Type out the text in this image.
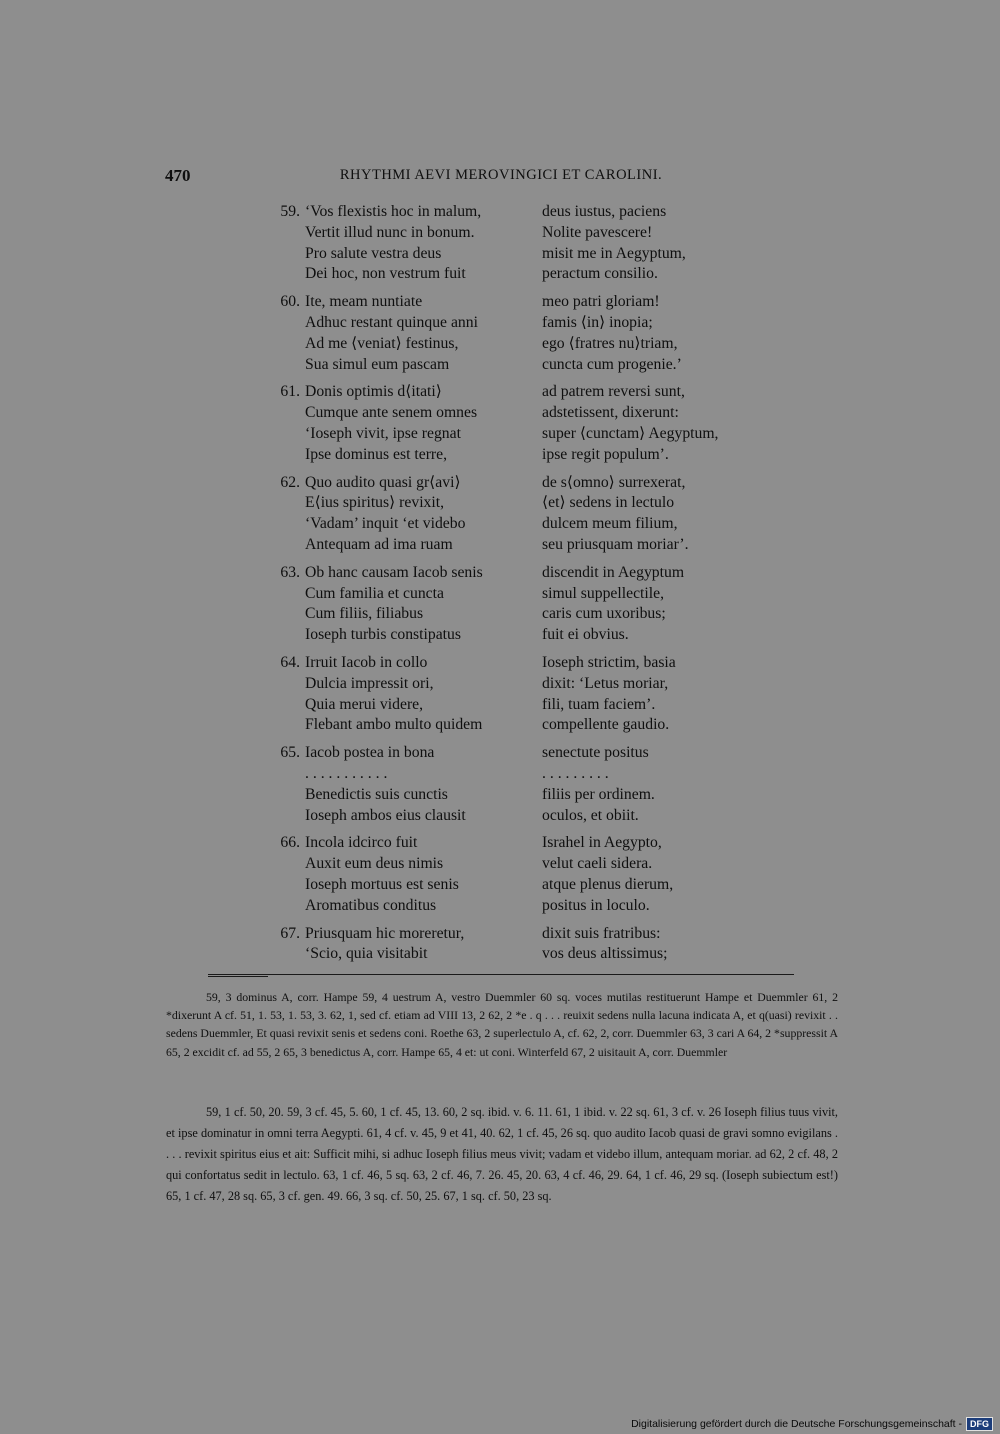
470	RHYTHMI AEVI MEROVINGICI ET CAROLINI.
59. ‘Vos flexistis hoc in malum,	deus iustus, paciens
Vertit illud nunc in bonum.	Nolite pavescere!
Pro salute vestra deus	misit me in Aegyptum,
Dei hoc, non vestrum fuit	peractum consilio.
60. Ite, meam nuntiate	meo patri gloriam!
Adhuc restant quinque anni	famis ⟨in⟩ inopia;
Ad me ⟨veniat⟩ festinus,	ego ⟨fratres nu⟩triam,
Sua simul eum pascam	cuncta cum progenie.’
61. Donis optimis d⟨itati⟩	ad patrem reversi sunt,
Cumque ante senem omnes	adstetissent, dixerunt:
‘Ioseph vivit, ipse regnat	super ⟨cunctam⟩ Aegyptum,
Ipse dominus est terre,	ipse regit populum’.
62. Quo audito quasi gr⟨avi⟩	de s⟨omno⟩ surrexerat,
E⟨ius spiritus⟩ revixit,	⟨et⟩ sedens in lectulo
‘Vadam’ inquit ‘et videbo	dulcem meum filium,
Antequam ad ima ruam	seu priusquam moriar’.
63. Ob hanc causam Iacob senis	discendit in Aegyptum
Cum familia et cuncta	simul suppellectile,
Cum filiis, filiabus	caris cum uxoribus;
Ioseph turbis constipatus	fuit ei obvius.
64. Irruit Iacob in collo	Ioseph strictim, basia
Dulcia impressit ori,	dixit: ‘Letus moriar,
Quia merui videre,	fili, tuam faciem’.
Flebant ambo multo quidem	compellente gaudio.
65. Iacob postea in bona	senectute positus
. . . . . . . . . . .	. . . . . . . . .
Benedictis suis cunctis	filiis per ordinem.
Ioseph ambos eius clausit	oculos, et obiit.
66. Incola idcirco fuit	Israhel in Aegypto,
Auxit eum deus nimis	velut caeli sidera.
Ioseph mortuus est senis	atque plenus dierum,
Aromatibus conditus	positus in loculo.
67. Priusquam hic moreretur,	dixit suis fratribus:
‘Scio, quia visitabit	vos deus altissimus;

59, 3 dominus A, corr. Hampe 59, 4 uestrum A, vestro Duemmler 60 sq. voces mutilas restituerunt Hampe et Duemmler 61, 2 *dixerunt A cf. 51, 1. 53, 1. 53, 3. 62, 1, sed cf. etiam ad VIII 13, 2 62, 2 *e . q . . . reuixit sedens nulla lacuna indicata A, et q(uasi) revixit . . sedens Duemmler, Et quasi revixit senis et sedens coni. Roethe 63, 2 superlectulo A, cf. 62, 2, corr. Duemmler 63, 3 cari A 64, 2 *suppressit A 65, 2 excidit cf. ad 55, 2 65, 3 benedictus A, corr. Hampe 65, 4 et: ut coni. Winterfeld 67, 2 uisitauit A, corr. Duemmler

59, 1 cf. 50, 20. 59, 3 cf. 45, 5. 60, 1 cf. 45, 13. 60, 2 sq. ibid. v. 6. 11. 61, 1 ibid. v. 22 sq. 61, 3 cf. v. 26 Ioseph filius tuus vivit, et ipse dominatur in omni terra Aegypti. 61, 4 cf. v. 45, 9 et 41, 40. 62, 1 cf. 45, 26 sq. quo audito Iacob quasi de gravi somno evigilans . . . . revixit spiritus eius et ait: Sufficit mihi, si adhuc Ioseph filius meus vivit; vadam et videbo illum, antequam moriar. ad 62, 2 cf. 48, 2 qui confortatus sedit in lectulo. 63, 1 cf. 46, 5 sq. 63, 2 cf. 46, 7. 26. 45, 20. 63, 4 cf. 46, 29. 64, 1 cf. 46, 29 sq. (Ioseph subiectum est!) 65, 1 cf. 47, 28 sq. 65, 3 cf. gen. 49. 66, 3 sq. cf. 50, 25. 67, 1 sq. cf. 50, 23 sq.

Digitalisierung gefördert durch die Deutsche Forschungsgemeinschaft - DFG
